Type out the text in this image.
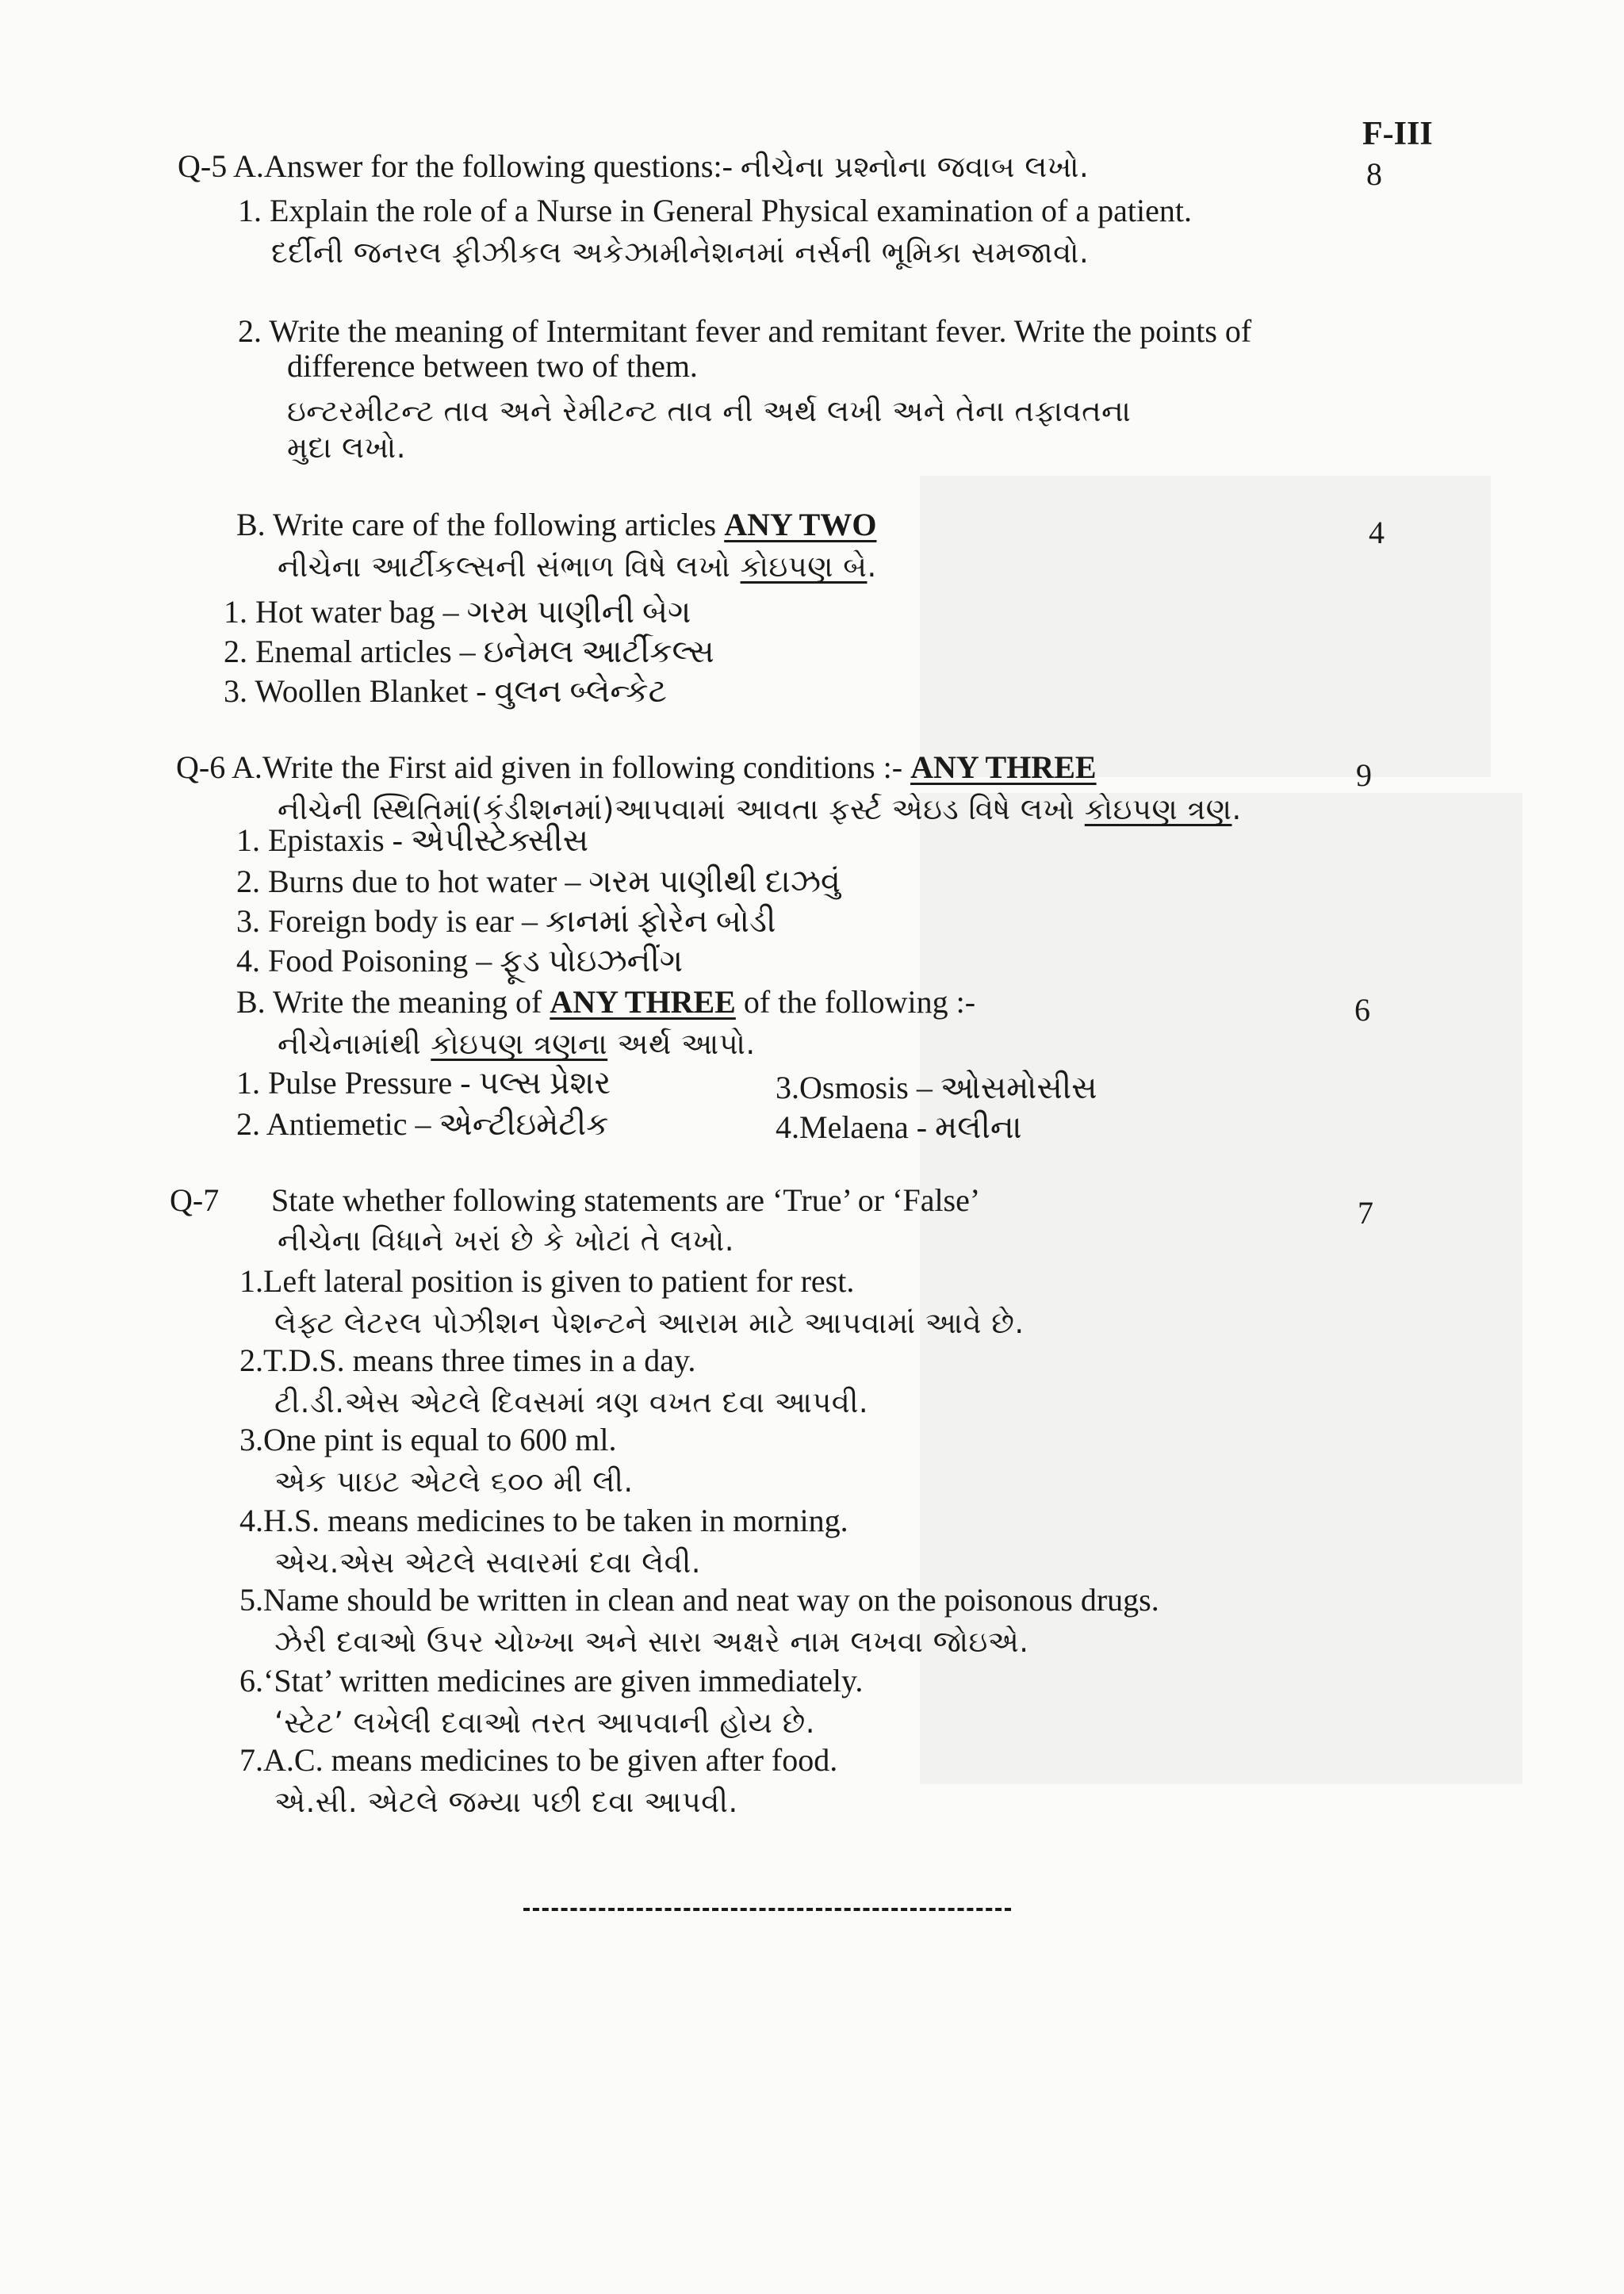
F-III
Q-5 A.Answer for the following questions:- નીચેના પ્રશ્નોના જવાબ લખો.	8
1. Explain the role of a Nurse in General Physical examination of a patient.
દર્દીની જનરલ ફીઝીકલ અકેઝામીનેશનમાં નર્સની ભૂમિકા સમજાવો.
2. Write the meaning of Intermitant fever and remitant fever. Write the points of
difference between two of them.
ઇન્ટરમીટન્ટ તાવ અને રેમીટન્ટ તાવ ની અર્થ લખી અને તેના તફાવતના
મુદા લખો.
B. Write care of the following articles ANY TWO	4
નીચેના આર્ટીકલ્સની સંભાળ વિષે લખો કોઇપણ બે.
1. Hot water bag – ગરમ પાણીની બેગ
2. Enemal articles – ઇનેમલ આર્ટીકલ્સ
3. Woollen Blanket - વુલન બ્લેન્કેટ
Q-6 A.Write the First aid given in following conditions :- ANY THREE	9
નીચેની સ્થિતિમાં(કંડીશનમાં)આપવામાં આવતા ફર્સ્ટ એઇડ વિષે લખો કોઇપણ ત્રણ.
1. Epistaxis - એપીસ્ટેક્સીસ
2. Burns due to hot water – ગરમ પાણીથી દાઝવું
3. Foreign body is ear – કાનમાં ફોરેન બોડી
4. Food Poisoning – ફૂડ પોઇઝનીંગ
B. Write the meaning of ANY THREE of the following :-	6
નીચેનામાંથી કોઇપણ ત્રણના અર્થ આપો.
1. Pulse Pressure - પલ્સ પ્રેશર	3.Osmosis – ઓસમોસીસ
2. Antiemetic – એન્ટીઇમેટીક	4.Melaena - મલીના
Q-7 State whether following statements are ‘True’ or ‘False’	7
નીચેના વિધાને ખરાં છે કે ખોટાં તે લખો.
1.Left lateral position is given to patient for rest.
લેફ્ટ લેટરલ પોઝીશન પેશન્ટને આરામ માટે આપવામાં આવે છે.
2.T.D.S. means three times in a day.
ટી.ડી.એસ એટલે દિવસમાં ત્રણ વખત દવા આપવી.
3.One pint is equal to 600 ml.
એક પાઇટ એટલે ૬૦૦ મી લી.
4.H.S. means medicines to be taken in morning.
એચ.એસ એટલે સવારમાં દવા લેવી.
5.Name should be written in clean and neat way on the poisonous drugs.
ઝેરી દવાઓ ઉપર ચોખ્ખા અને સારા અક્ષરે નામ લખવા જોઇએ.
6.‘Stat’ written medicines are given immediately.
‘સ્ટેટ’ લખેલી દવાઓ તરત આપવાની હોય છે.
7.A.C. means medicines to be given after food.
એ.સી. એટલે જમ્યા પછી દવા આપવી.
